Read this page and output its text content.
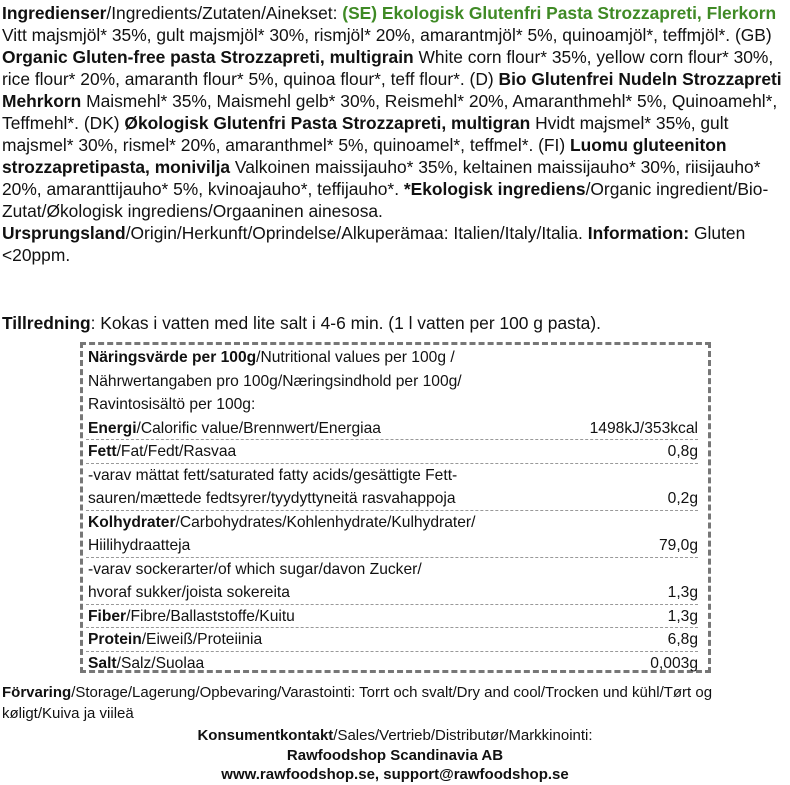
Ingredienser/Ingredients/Zutaten/Ainekset: (SE) Ekologisk Glutenfri Pasta Strozzapreti, Flerkorn Vitt majsmjöl* 35%, gult majsmjöl* 30%, rismjöl* 20%, amarantmjöl* 5%, quinoamjöl*, teffmjöl*. (GB) Organic Gluten-free pasta Strozzapreti, multigrain White corn flour* 35%, yellow corn flour* 30%, rice flour* 20%, amaranth flour* 5%, quinoa flour*, teff flour*. (D) Bio Glutenfrei Nudeln Strozzapreti Mehrkorn Maismehl* 35%, Maismehl gelb* 30%, Reismehl* 20%, Amaranthmehl* 5%, Quinoamehl*, Teffmehl*. (DK) Økologisk Glutenfri Pasta Strozzapreti, multigran Hvidt majsmel* 35%, gult majsmel* 30%, rismel* 20%, amaranthmel* 5%, quinoamel*, teffmel*. (FI) Luomu gluteeniton strozzapretipasta, monivilja Valkoinen maissijauho* 35%, keltainen maissijauho* 30%, riisijauho* 20%, amaranttijauho* 5%, kvinoajauho*, teffijauho*. *Ekologisk ingrediens/Organic ingredient/Bio-Zutat/Økologisk ingrediens/Orgaaninen ainesosa. Ursprungsland/Origin/Herkunft/Oprindelse/Alkuperämaa: Italien/Italy/Italia. Information: Gluten <20ppm.

Tillredning: Kokas i vatten med lite salt i 4-6 min. (1 l vatten per 100 g pasta).

Näringsvärde per 100g/Nutritional values per 100g /
Nährwertangaben pro 100g/Næringsindhold per 100g/
Ravintosisältö per 100g:
Energi/Calorific value/Brennwert/Energiaa	1498kJ/353kcal
Fett/Fat/Fedt/Rasvaa	0,8g
-varav mättat fett/saturated fatty acids/gesättigte Fett-
sauren/mættede fedtsyrer/tyydyttyneitä rasvahappoja	0,2g
Kolhydrater/Carbohydrates/Kohlenhydrate/Kulhydrater/
Hiilihydraatteja	79,0g
-varav sockerarter/of which sugar/davon Zucker/
hvoraf sukker/joista sokereita	1,3g
Fiber/Fibre/Ballaststoffe/Kuitu	1,3g
Protein/Eiweiß/Proteiinia	6,8g
Salt/Salz/Suolaa	0,003g

Förvaring/Storage/Lagerung/Opbevaring/Varastointi: Torrt och svalt/Dry and cool/Trocken und kühl/Tørt og køligt/Kuiva ja viileä

Konsumentkontakt/Sales/Vertrieb/Distributør/Markkinointi:
Rawfoodshop Scandinavia AB
www.rawfoodshop.se, support@rawfoodshop.se
